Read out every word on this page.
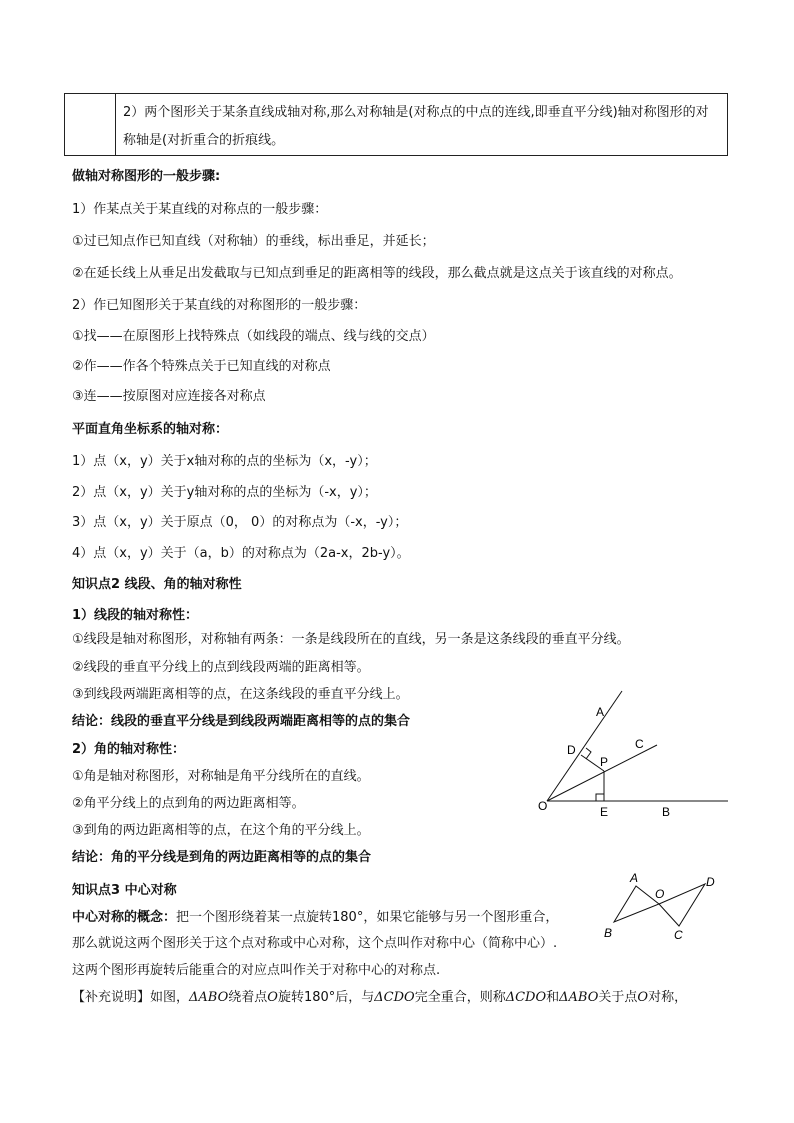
2）两个图形关于某条直线成轴对称,那么对称轴是(对称点的中点的连线,即垂直平分线)轴对称图形的对称轴是(对折重合的折痕线。
做轴对称图形的一般步骤:
1）作某点关于某直线的对称点的一般步骤：
①过已知点作已知直线（对称轴）的垂线，标出垂足，并延长；
②在延长线上从垂足出发截取与已知点到垂足的距离相等的线段，那么截点就是这点关于该直线的对称点。
2）作已知图形关于某直线的对称图形的一般步骤：
①找——在原图形上找特殊点（如线段的端点、线与线的交点）
②作——作各个特殊点关于已知直线的对称点
③连——按原图对应连接各对称点
平面直角坐标系的轴对称：
1）点（x，y）关于x轴对称的点的坐标为（x，-y）；
2）点（x，y）关于y轴对称的点的坐标为（-x，y）；
3）点（x，y）关于原点（0， 0）的对称点为（-x，-y）；
4）点（x，y）关于（a，b）的对称点为（2a-x，2b-y）。
知识点2 线段、角的轴对称性
1）线段的轴对称性：
①线段是轴对称图形，对称轴有两条：一条是线段所在的直线，另一条是这条线段的垂直平分线。
②线段的垂直平分线上的点到线段两端的距离相等。
③到线段两端距离相等的点，在这条线段的垂直平分线上。
结论：线段的垂直平分线是到线段两端距离相等的点的集合
2）角的轴对称性：
①角是轴对称图形，对称轴是角平分线所在的直线。
②角平分线上的点到角的两边距离相等。
③到角的两边距离相等的点，在这个角的平分线上。
结论：角的平分线是到角的两边距离相等的点的集合
知识点3 中心对称
中心对称的概念：把一个图形绕着某一点旋转180°，如果它能够与另一个图形重合，
那么就说这两个图形关于这个点对称或中心对称，这个点叫作对称中心（简称中心）.
这两个图形再旋转后能重合的对应点叫作关于对称中心的对称点.
【补充说明】如图，ΔABO绕着点O旋转180°后，与ΔCDO完全重合，则称ΔCDO和ΔABO关于点O对称，
A
D	C
P
O	E	B
A
O
D
B	C
